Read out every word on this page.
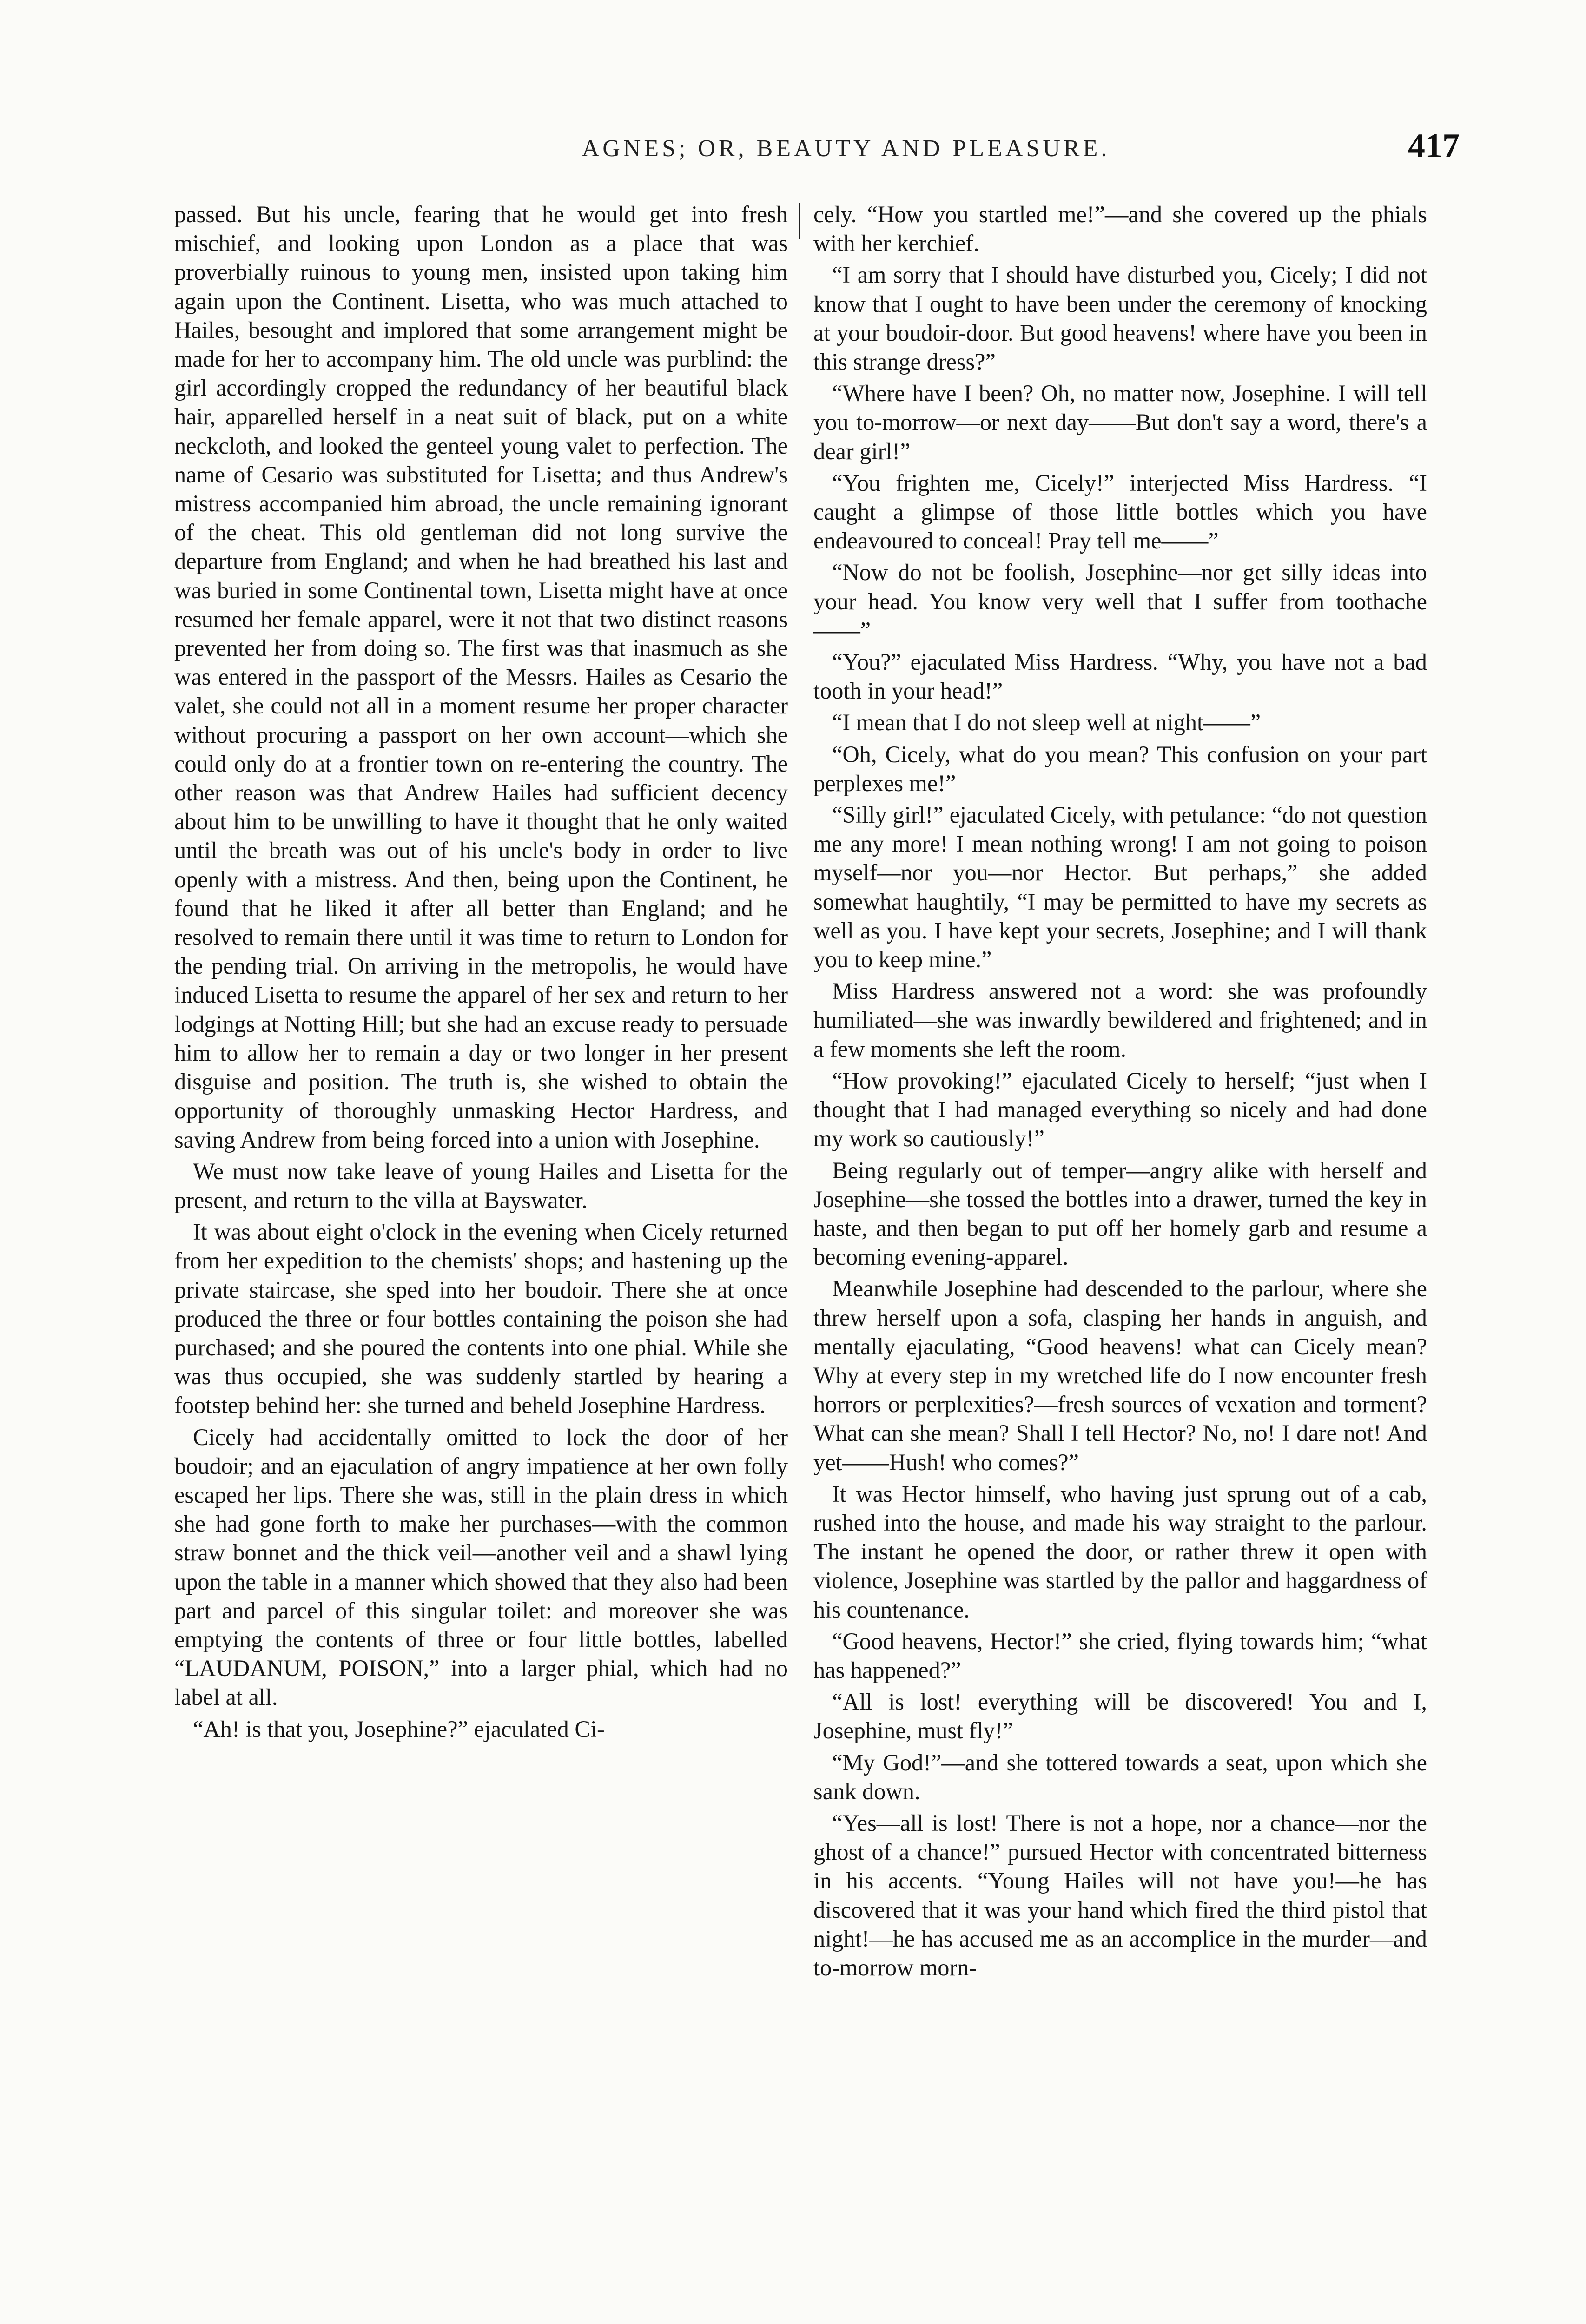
AGNES; OR, BEAUTY AND PLEASURE.	417

passed. But his uncle, fearing that he would get into fresh mischief, and looking upon London as a place that was proverbially ruinous to young men, insisted upon taking him again upon the Continent. Lisetta, who was much attached to Hailes, besought and implored that some arrangement might be made for her to accompany him. The old uncle was purblind: the girl accordingly cropped the redundancy of her beautiful black hair, apparelled herself in a neat suit of black, put on a white neckcloth, and looked the genteel young valet to perfection. The name of Cesario was substituted for Lisetta; and thus Andrew's mistress accompanied him abroad, the uncle remaining ignorant of the cheat. This old gentleman did not long survive the departure from England; and when he had breathed his last and was buried in some Continental town, Lisetta might have at once resumed her female apparel, were it not that two distinct reasons prevented her from doing so. The first was that inasmuch as she was entered in the passport of the Messrs. Hailes as Cesario the valet, she could not all in a moment resume her proper character without procuring a passport on her own account—which she could only do at a frontier town on re-entering the country. The other reason was that Andrew Hailes had sufficient decency about him to be unwilling to have it thought that he only waited until the breath was out of his uncle's body in order to live openly with a mistress. And then, being upon the Continent, he found that he liked it after all better than England; and he resolved to remain there until it was time to return to London for the pending trial. On arriving in the metropolis, he would have induced Lisetta to resume the apparel of her sex and return to her lodgings at Notting Hill; but she had an excuse ready to persuade him to allow her to remain a day or two longer in her present disguise and position. The truth is, she wished to obtain the opportunity of thoroughly unmasking Hector Hardress, and saving Andrew from being forced into a union with Josephine.

We must now take leave of young Hailes and Lisetta for the present, and return to the villa at Bayswater.

It was about eight o'clock in the evening when Cicely returned from her expedition to the chemists' shops; and hastening up the private staircase, she sped into her boudoir. There she at once produced the three or four bottles containing the poison she had purchased; and she poured the contents into one phial. While she was thus occupied, she was suddenly startled by hearing a footstep behind her: she turned and beheld Josephine Hardress.

Cicely had accidentally omitted to lock the door of her boudoir; and an ejaculation of angry impatience at her own folly escaped her lips. There she was, still in the plain dress in which she had gone forth to make her purchases—with the common straw bonnet and the thick veil—another veil and a shawl lying upon the table in a manner which showed that they also had been part and parcel of this singular toilet: and moreover she was emptying the contents of three or four little bottles, labelled “LAUDANUM, POISON,” into a larger phial, which had no label at all.

“Ah! is that you, Josephine?” ejaculated Ci-

cely. “How you startled me!”—and she covered up the phials with her kerchief.

“I am sorry that I should have disturbed you, Cicely; I did not know that I ought to have been under the ceremony of knocking at your boudoir-door. But good heavens! where have you been in this strange dress?”

“Where have I been? Oh, no matter now, Josephine. I will tell you to-morrow—or next day——But don't say a word, there's a dear girl!”

“You frighten me, Cicely!” interjected Miss Hardress. “I caught a glimpse of those little bottles which you have endeavoured to conceal! Pray tell me——”

“Now do not be foolish, Josephine—nor get silly ideas into your head. You know very well that I suffer from toothache——”

“You?” ejaculated Miss Hardress. “Why, you have not a bad tooth in your head!”

“I mean that I do not sleep well at night——”

“Oh, Cicely, what do you mean? This confusion on your part perplexes me!”

“Silly girl!” ejaculated Cicely, with petulance: “do not question me any more! I mean nothing wrong! I am not going to poison myself—nor you—nor Hector. But perhaps,” she added somewhat haughtily, “I may be permitted to have my secrets as well as you. I have kept your secrets, Josephine; and I will thank you to keep mine.”

Miss Hardress answered not a word: she was profoundly humiliated—she was inwardly bewildered and frightened; and in a few moments she left the room.

“How provoking!” ejaculated Cicely to herself; “just when I thought that I had managed everything so nicely and had done my work so cautiously!”

Being regularly out of temper—angry alike with herself and Josephine—she tossed the bottles into a drawer, turned the key in haste, and then began to put off her homely garb and resume a becoming evening-apparel.

Meanwhile Josephine had descended to the parlour, where she threw herself upon a sofa, clasping her hands in anguish, and mentally ejaculating, “Good heavens! what can Cicely mean? Why at every step in my wretched life do I now encounter fresh horrors or perplexities?—fresh sources of vexation and torment? What can she mean? Shall I tell Hector? No, no! I dare not! And yet——Hush! who comes?”

It was Hector himself, who having just sprung out of a cab, rushed into the house, and made his way straight to the parlour. The instant he opened the door, or rather threw it open with violence, Josephine was startled by the pallor and haggardness of his countenance.

“Good heavens, Hector!” she cried, flying towards him; “what has happened?”

“All is lost! everything will be discovered! You and I, Josephine, must fly!”

“My God!”—and she tottered towards a seat, upon which she sank down.

“Yes—all is lost! There is not a hope, nor a chance—nor the ghost of a chance!” pursued Hector with concentrated bitterness in his accents. “Young Hailes will not have you!—he has discovered that it was your hand which fired the third pistol that night!—he has accused me as an accomplice in the murder—and to-morrow morn-
